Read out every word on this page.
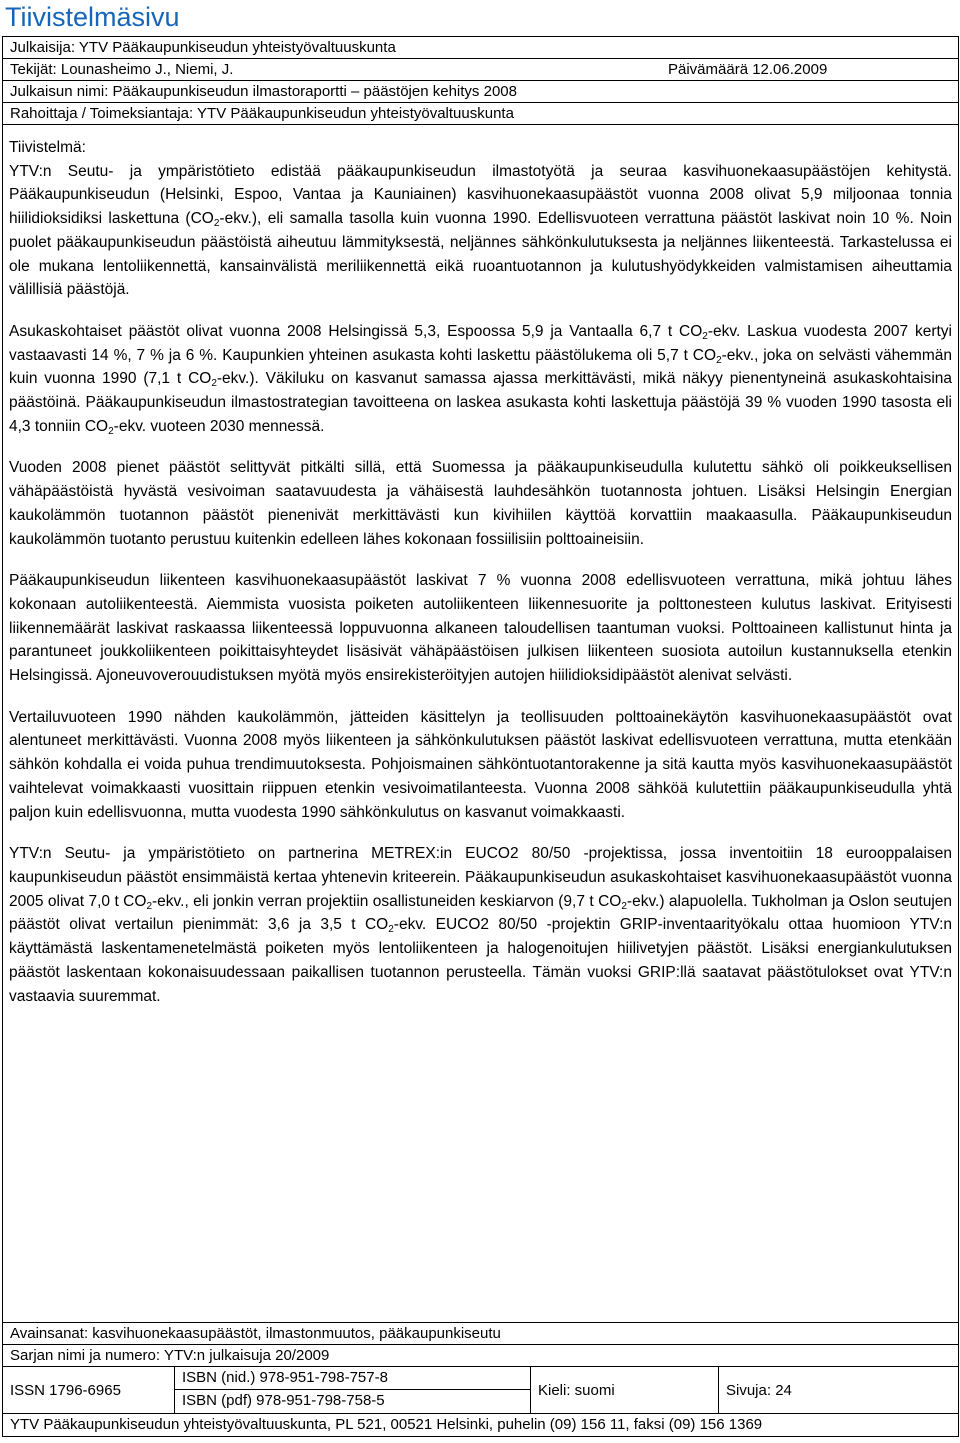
Tiivistelmäsivu
Julkaisija: YTV Pääkaupunkiseudun yhteistyövaltuuskunta
Tekijät: Lounasheimo J., Niemi, J.	Päivämäärä 12.06.2009
Julkaisun nimi: Pääkaupunkiseudun ilmastoraportti – päästöjen kehitys 2008
Rahoittaja / Toimeksiantaja: YTV Pääkaupunkiseudun yhteistyövaltuuskunta
Tiivistelmä:

YTV:n Seutu- ja ympäristötieto edistää pääkaupunkiseudun ilmastotyötä ja seuraa kasvihuonekaasupäästöjen kehitystä. Pääkaupunkiseudun (Helsinki, Espoo, Vantaa ja Kauniainen) kasvihuonekaasupäästöt vuonna 2008 olivat 5,9 miljoonaa tonnia hiilidioksidiksi laskettuna $(CO_2-ekv.)$, eli samalla tasolla kuin vuonna 1990. Edellisvuoteen verrattuna päästöt laskivat noin 10 %. Noin puolet pääkaupunkiseudun päästöistä aiheutuu lämmityksestä, neljännes sähkönkulutuksesta ja neljännes liikenteestä. Tarkastelussa ei ole mukana lentoliikennettä, kansainvälistä meriliikennettä eikä ruoantuotannon ja kulutushyödykkeiden valmistamisen aiheuttamia välillisiä päästöjä.

Asukaskohtaiset päästöt olivat vuonna 2008 Helsingissä 5,3, Espoossa 5,9 ja Vantaalla 6,7 t $CO_2$-ekv. Laskua vuodesta 2007 kertyi vastaavasti 14 %, 7 % ja 6 %. Kaupunkien yhteinen asukasta kohti laskettu päästölukema oli 5,7 t $CO_2$-ekv., joka on selvästi vähemmän kuin vuonna 1990 (7,1 t $CO_2-ekv$.). Väkiluku on kasvanut samassa ajassa merkittävästi, mikä näkyy pienentyneinä asukaskohtaisina päästöinä. Pääkaupunkiseudun ilmastostrategian tavoitteena on laskea asukasta kohti laskettuja päästöjä 39 % vuoden 1990 tasosta eli 4,3 tonniin $CO_2$-ekv. vuoteen 2030 mennessä.

Vuoden 2008 pienet päästöt selittyvät pitkälti sillä, että Suomessa ja pääkaupunkiseudulla kulutettu sähkö oli poikkeuksellisen vähäpäästöistä hyvästä vesivoiman saatavuudesta ja vähäisestä lauhdesähkön tuotannosta johtuen. Lisäksi Helsingin Energian kaukolämmön tuotannon päästöt pienenivät merkittävästi kun kivihiilen käyttöä korvattiin maakaasulla. Pääkaupunkiseudun kaukolämmön tuotanto perustuu kuitenkin edelleen lähes kokonaan fossiilisiin polttoaineisiin.

Pääkaupunkiseudun liikenteen kasvihuonekaasupäästöt laskivat 7 % vuonna 2008 edellisvuoteen verrattuna, mikä johtuu lähes kokonaan autoliikenteestä. Aiemmista vuosista poiketen autoliikenteen liikennesuorite ja polttonesteen kulutus laskivat. Erityisesti liikennemäärät laskivat raskaassa liikenteessä loppuvuonna alkaneen taloudellisen taantuman vuoksi. Polttoaineen kallistunut hinta ja parantuneet joukkoliikenteen poikittaisyhteydet lisäsivät vähäpäästöisen julkisen liikenteen suosiota autoilun kustannuksella etenkin Helsingissä. Ajoneuvoverouudistuksen myötä myös ensirekisteröityjen autojen hiilidioksidipäästöt alenivat selvästi.

Vertailuvuoteen 1990 nähden kaukolämmön, jätteiden käsittelyn ja teollisuuden polttoainekäytön kasvihuonekaasupäästöt ovat alentuneet merkittävästi. Vuonna 2008 myös liikenteen ja sähkönkulutuksen päästöt laskivat edellisvuoteen verrattuna, mutta etenkään sähkön kohdalla ei voida puhua trendimuutoksesta. Pohjoismainen sähköntuotantorakenne ja sitä kautta myös kasvihuonekaasupäästöt vaihtelevat voimakkaasti vuosittain riippuen etenkin vesivoimatilanteesta. Vuonna 2008 sähköä kulutettiin pääkaupunkiseudulla yhtä paljon kuin edellisvuonna, mutta vuodesta 1990 sähkönkulutus on kasvanut voimakkaasti.

YTV:n Seutu- ja ympäristötieto on partnerina METREX:in EUCO2 80/50 -projektissa, jossa inventoitiin 18 eurooppalaisen kaupunkiseudun päästöt ensimmäistä kertaa yhtenevin kriteerein. Pääkaupunkiseudun asukaskohtaiset kasvihuonekaasupäästöt vuonna 2005 olivat 7,0 t $CO_2$-ekv., eli jonkin verran projektiin osallistuneiden keskiarvon (9,7 t $CO_2-ekv$.) alapuolella. Tukholman ja Oslon seutujen päästöt olivat vertailun pienimmät: 3,6 ja 3,5 t $CO_2$-ekv. EUCO2 80/50 -projektin GRIP-inventaarityökalu ottaa huomioon YTV:n käyttämästä laskentamenetelmästä poiketen myös lentoliikenteen ja halogenoitujen hiilivetyjen päästöt. Lisäksi energiankulutuksen päästöt laskentaan kokonaisuudessaan paikallisen tuotannon perusteella. Tämän vuoksi GRIP:llä saatavat päästötulokset ovat YTV:n vastaavia suuremmat.

Avainsanat: kasvihuonekaasupäästöt, ilmastonmuutos, pääkaupunkiseutu
Sarjan nimi ja numero: YTV:n julkaisuja 20/2009
ISSN 1796-6965
ISBN (nid.) 978-951-798-757-8
ISBN (pdf) 978-951-798-758-5
Kieli: suomi	Sivuja: 24
YTV Pääkaupunkiseudun yhteistyövaltuuskunta, PL 521, 00521 Helsinki, puhelin (09) 156 11, faksi (09) 156 1369
